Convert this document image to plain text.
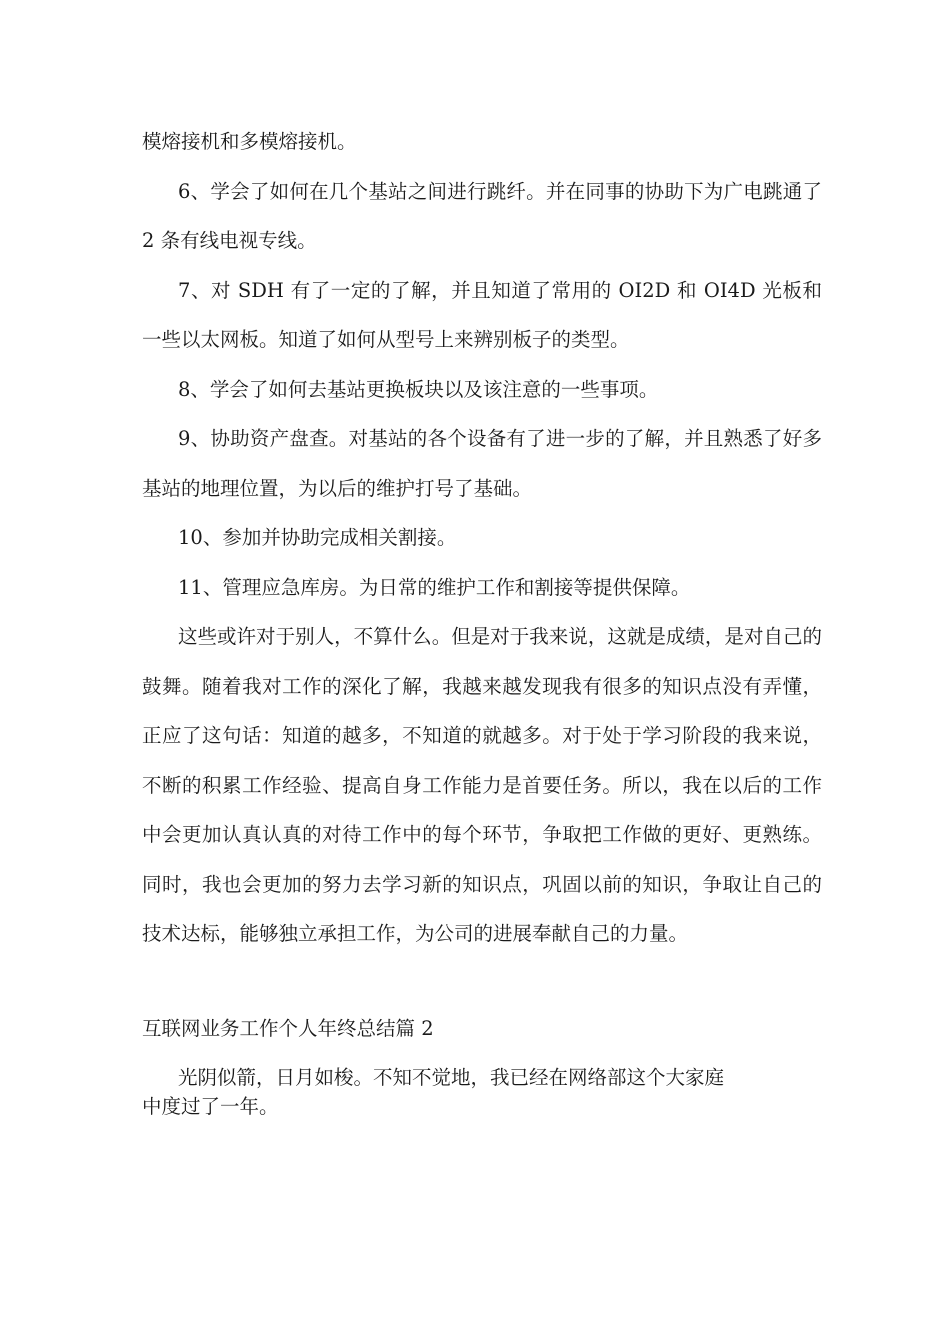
模熔接机和多模熔接机。

6、学会了如何在几个基站之间进行跳纤。并在同事的协助下为广电跳通了 2 条有线电视专线。

7、对 SDH 有了一定的了解，并且知道了常用的 OI2D 和 OI4D 光板和一些以太网板。知道了如何从型号上来辨别板子的类型。

8、学会了如何去基站更换板块以及该注意的一些事项。

9、协助资产盘查。对基站的各个设备有了进一步的了解，并且熟悉了好多基站的地理位置，为以后的维护打号了基础。

10、参加并协助完成相关割接。

11、管理应急库房。为日常的维护工作和割接等提供保障。

这些或许对于别人，不算什么。但是对于我来说，这就是成绩，是对自己的鼓舞。随着我对工作的深化了解，我越来越发现我有很多的知识点没有弄懂，正应了这句话：知道的越多，不知道的就越多。对于处于学习阶段的我来说，不断的积累工作经验、提高自身工作能力是首要任务。所以，我在以后的工作中会更加认真认真的对待工作中的每个环节，争取把工作做的更好、更熟练。同时，我也会更加的努力去学习新的知识点，巩固以前的知识，争取让自己的技术达标，能够独立承担工作，为公司的进展奉献自己的力量。

互联网业务工作个人年终总结篇 2

光阴似箭，日月如梭。不知不觉地，我已经在网络部这个大家庭

中度过了一年。
